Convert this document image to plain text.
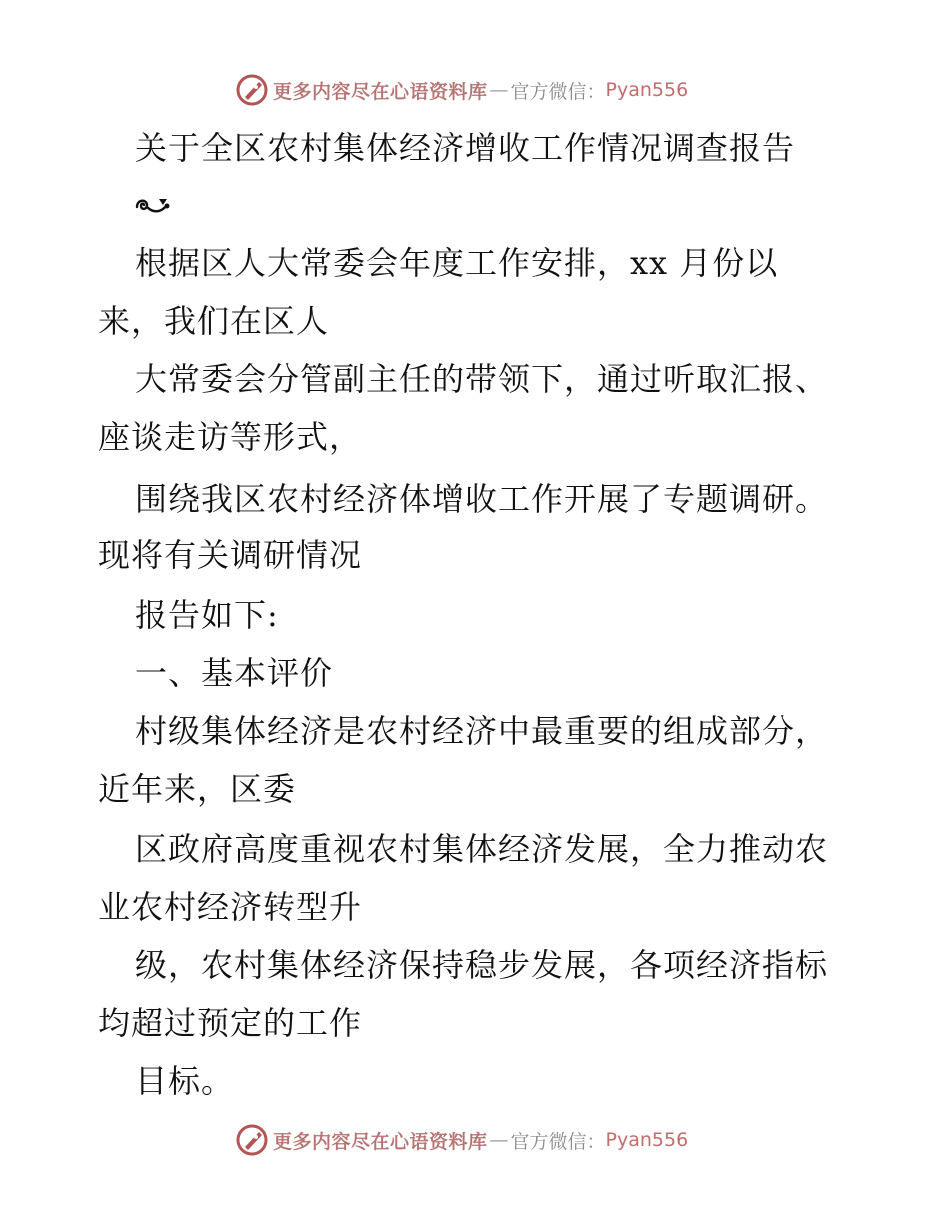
更多内容尽在心语资料库 — 官方微信： Pyan556
关于全区农村集体经济增收工作情况调查报告
根据区人大常委会年度工作安排，xx 月份以
来，我们在区人
大常委会分管副主任的带领下，通过听取汇报、
座谈走访等形式，
围绕我区农村经济体增收工作开展了专题调研。
现将有关调研情况
报告如下:
一、基本评价
村级集体经济是农村经济中最重要的组成部分，
近年来，区委
区政府高度重视农村集体经济发展，全力推动农
业农村经济转型升
级，农村集体经济保持稳步发展，各项经济指标
均超过预定的工作
目标。
更多内容尽在心语资料库 — 官方微信： Pyan556
